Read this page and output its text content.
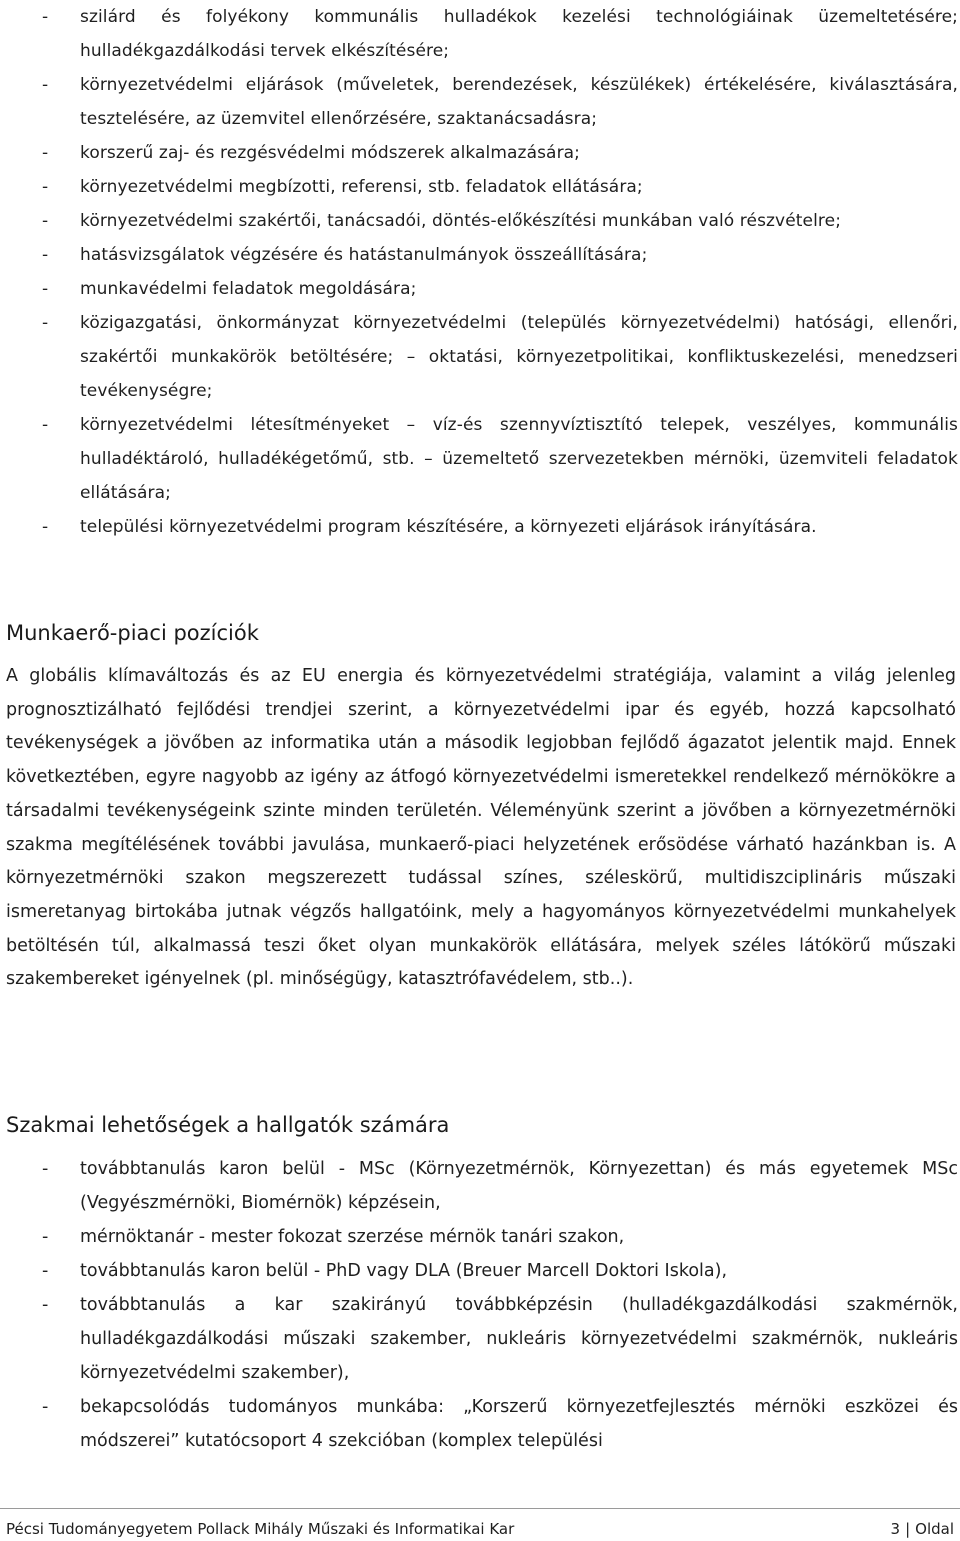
- szilárd és folyékony kommunális hulladékok kezelési technológiáinak üzemeltetésére; hulladékgazdálkodási tervek elkészítésére;
- környezetvédelmi eljárások (műveletek, berendezések, készülékek) értékelésére, kiválasztására, tesztelésére, az üzemvitel ellenőrzésére, szaktanácsadásra;
- korszerű zaj- és rezgésvédelmi módszerek alkalmazására;
- környezetvédelmi megbízotti, referensi, stb. feladatok ellátására;
- környezetvédelmi szakértői, tanácsadói, döntés-előkészítési munkában való részvételre;
- hatásvizsgálatok végzésére és hatástanulmányok összeállítására;
- munkavédelmi feladatok megoldására;
- közigazgatási, önkormányzat környezetvédelmi (település környezetvédelmi) hatósági, ellenőri, szakértői munkakörök betöltésére; – oktatási, környezetpolitikai, konfliktuskezelési, menedzseri tevékenységre;
- környezetvédelmi létesítményeket – víz-és szennyvíztisztító telepek, veszélyes, kommunális hulladéktároló, hulladékégetőmű, stb. – üzemeltető szervezetekben mérnöki, üzemviteli feladatok ellátására;
- települési környezetvédelmi program készítésére, a környezeti eljárások irányítására.
Munkaerő-piaci pozíciók

A globális klímaváltozás és az EU energia és környezetvédelmi stratégiája, valamint a világ jelenleg prognosztizálható fejlődési trendjei szerint, a környezetvédelmi ipar és egyéb, hozzá kapcsolható tevékenységek a jövőben az informatika után a második legjobban fejlődő ágazatot jelentik majd. Ennek következtében, egyre nagyobb az igény az átfogó környezetvédelmi ismeretekkel rendelkező mérnökökre a társadalmi tevékenységeink szinte minden területén. Véleményünk szerint a jövőben a környezetmérnöki szakma megítélésének további javulása, munkaerő-piaci helyzetének erősödése várható hazánkban is. A környezetmérnöki szakon megszerezett tudással színes, széleskörű, multidiszciplináris műszaki ismeretanyag birtokába jutnak végzős hallgatóink, mely a hagyományos környezetvédelmi munkahelyek betöltésén túl, alkalmassá teszi őket olyan munkakörök ellátására, melyek széles látókörű műszaki szakembereket igényelnek (pl. minőségügy, katasztrófavédelem, stb..).

Szakmai lehetőségek a hallgatók számára
- továbbtanulás karon belül - MSc (Környezetmérnök, Környezettan) és más egyetemek MSc (Vegyészmérnöki, Biomérnök) képzésein,
- mérnöktanár - mester fokozat szerzése mérnök tanári szakon,
- továbbtanulás karon belül - PhD vagy DLA (Breuer Marcell Doktori Iskola),
- továbbtanulás a kar szakirányú továbbképzésin (hulladékgazdálkodási szakmérnök, hulladékgazdálkodási műszaki szakember, nukleáris környezetvédelmi szakmérnök, nukleáris környezetvédelmi szakember),
- bekapcsolódás tudományos munkába: „Korszerű környezetfejlesztés mérnöki eszközei és módszerei” kutatócsoport 4 szekcióban (komplex települési
Pécsi Tudományegyetem Pollack Mihály Műszaki és Informatikai Kar	3 | Oldal
